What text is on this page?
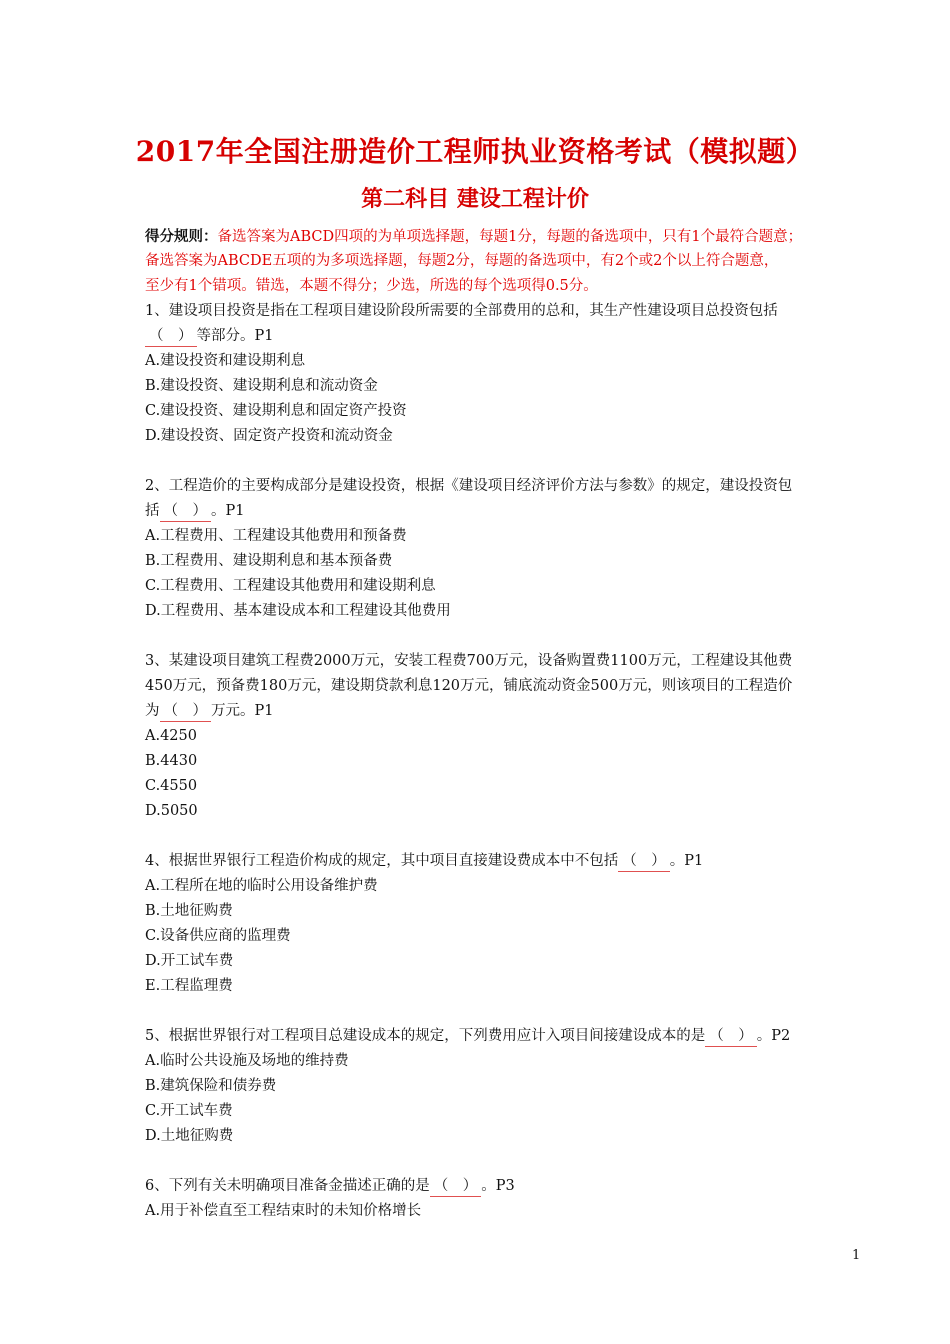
2017年全国注册造价工程师执业资格考试（模拟题）
第二科目 建设工程计价
得分规则：备选答案为ABCD四项的为单项选择题，每题1分，每题的备选项中，只有1个最符合题意；
备选答案为ABCDE五项的为多项选择题，每题2分，每题的备选项中，有2个或2个以上符合题意，
至少有1个错项。错选，本题不得分；少选，所选的每个选项得0.5分。
1、建设项目投资是指在工程项目建设阶段所需要的全部费用的总和，其生产性建设项目总投资包括
（　） 等部分。P1
A.建设投资和建设期利息
B.建设投资、建设期利息和流动资金
C.建设投资、建设期利息和固定资产投资
D.建设投资、固定资产投资和流动资金
2、工程造价的主要构成部分是建设投资，根据《建设项目经济评价方法与参数》的规定，建设投资包
括 （　） 。P1
A.工程费用、工程建设其他费用和预备费
B.工程费用、建设期利息和基本预备费
C.工程费用、工程建设其他费用和建设期利息
D.工程费用、基本建设成本和工程建设其他费用
3、某建设项目建筑工程费2000万元，安装工程费700万元，设备购置费1100万元，工程建设其他费
450万元，预备费180万元，建设期贷款利息120万元，铺底流动资金500万元，则该项目的工程造价
为 （　） 万元。P1
A.4250
B.4430
C.4550
D.5050
4、根据世界银行工程造价构成的规定，其中项目直接建设费成本中不包括 （　） 。P1
A.工程所在地的临时公用设备维护费
B.土地征购费
C.设备供应商的监理费
D.开工试车费
E.工程监理费
5、根据世界银行对工程项目总建设成本的规定，下列费用应计入项目间接建设成本的是 （　） 。P2
A.临时公共设施及场地的维持费
B.建筑保险和债券费
C.开工试车费
D.土地征购费
6、下列有关未明确项目准备金描述正确的是 （　） 。P3
A.用于补偿直至工程结束时的未知价格增长
1
